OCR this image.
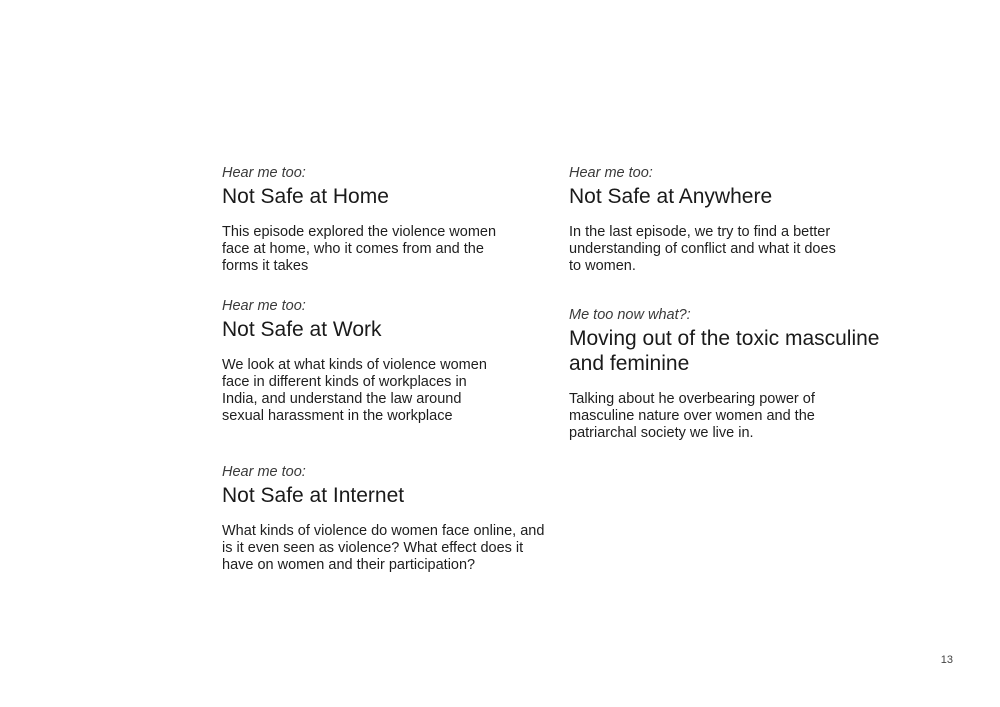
Hear me too:

Not Safe at Home

This episode explored the violence women face at home, who it comes from and the forms it takes

Hear me too:

Not Safe at Work

We look at what kinds of violence women face in different kinds of workplaces in India, and understand the law around sexual harassment in the workplace

Hear me too:

Not Safe at Internet

What kinds of violence do women face online, and is it even seen as violence? What effect does it have on women and their participation?

Hear me too:

Not Safe at Anywhere

In the last episode, we try to find a better understanding of conflict and what it does to women.

Me too now what?:

Moving out of the toxic masculine and feminine

Talking about he overbearing power of masculine nature over women and the patriarchal society we live in.

13
